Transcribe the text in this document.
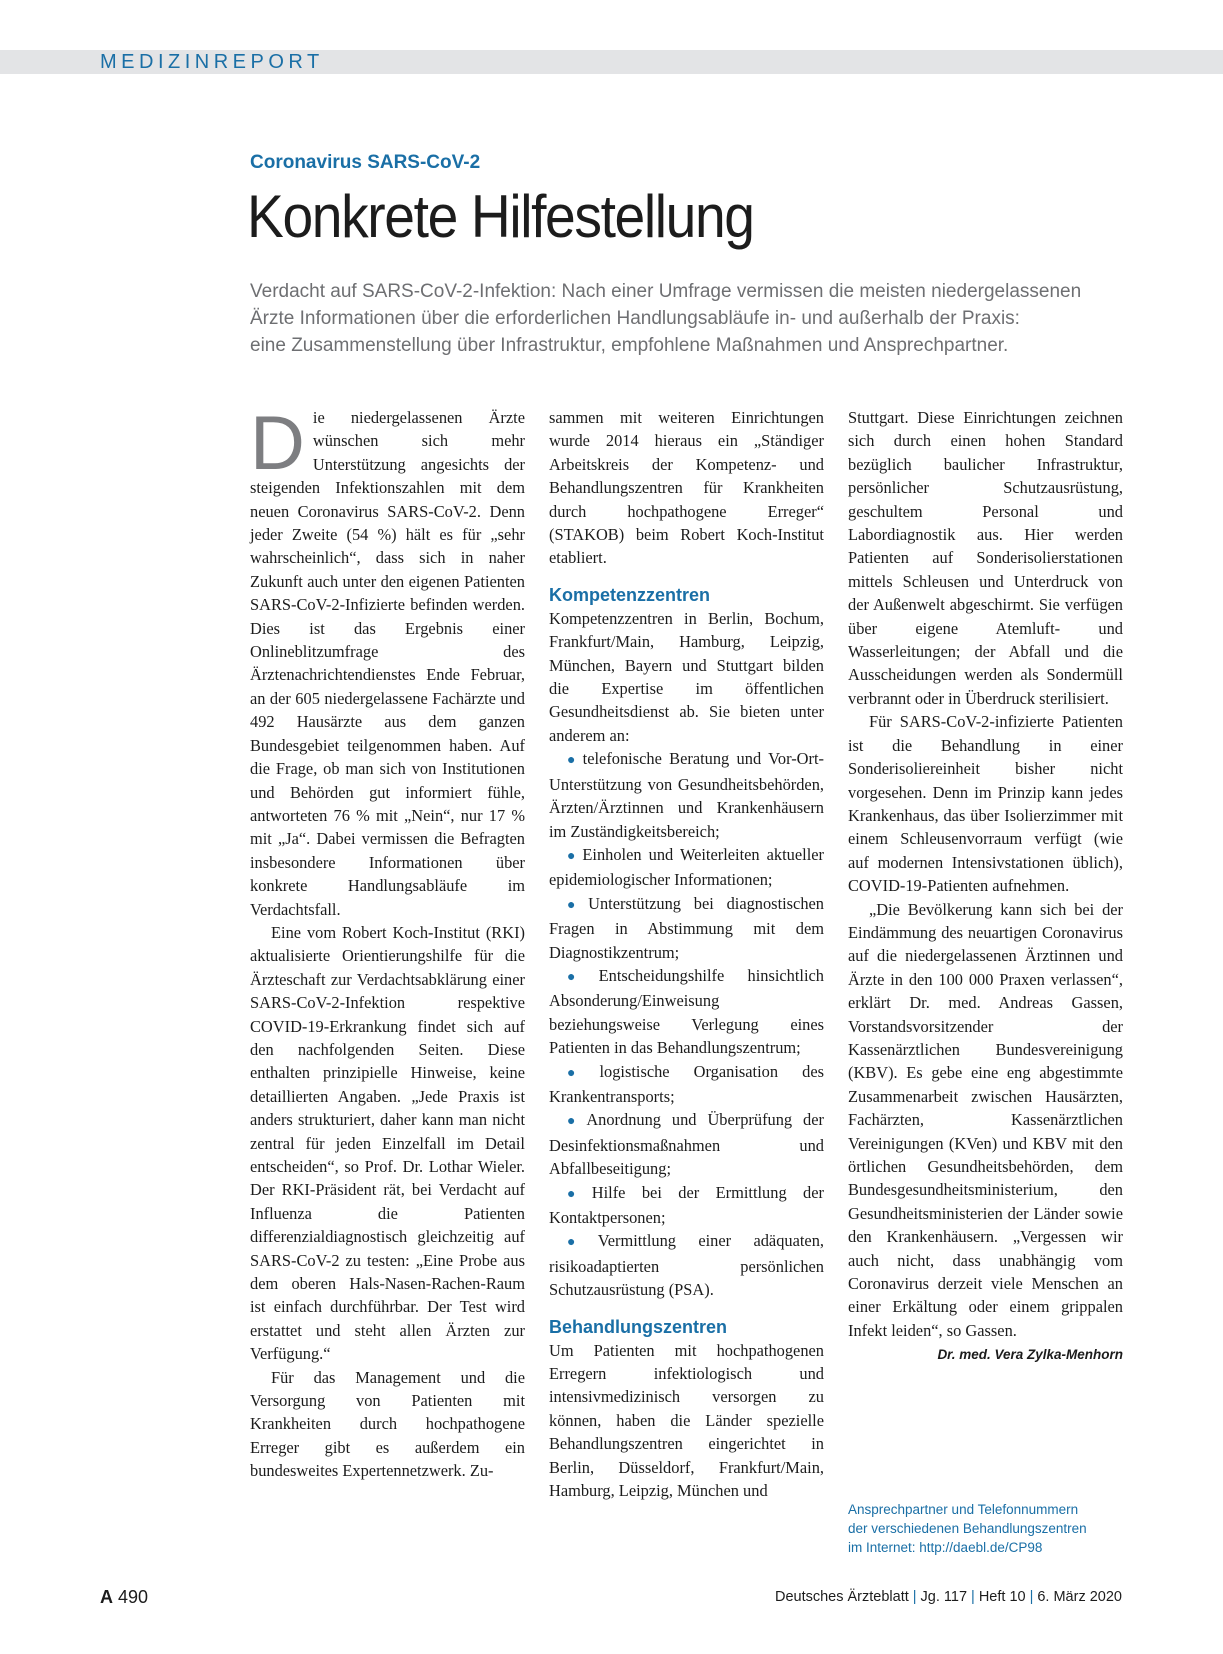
MEDIZINREPORT
Coronavirus SARS-CoV-2
Konkrete Hilfestellung
Verdacht auf SARS-CoV-2-Infektion: Nach einer Umfrage vermissen die meisten niedergelassenen
Ärzte Informationen über die erforderlichen Handlungsabläufe in- und außerhalb der Praxis:
eine Zusammenstellung über Infrastruktur, empfohlene Maßnahmen und Ansprechpartner.

Die niedergelassenen Ärzte wünschen sich mehr Unterstützung angesichts der steigenden Infektionszahlen mit dem neuen Coronavirus SARS-CoV-2. Denn jeder Zweite (54 %) hält es für „sehr wahrscheinlich“, dass sich in naher Zukunft auch unter den eigenen Patienten SARS-CoV-2-Infizierte befinden werden. Dies ist das Ergebnis einer Onlineblitzumfrage des Ärztenachrichtendienstes Ende Februar, an der 605 niedergelassene Fachärzte und 492 Hausärzte aus dem ganzen Bundesgebiet teilgenommen haben. Auf die Frage, ob man sich von Institutionen und Behörden gut informiert fühle, antworteten 76 % mit „Nein“, nur 17 % mit „Ja“. Dabei vermissen die Befragten insbesondere Informationen über konkrete Handlungsabläufe im Verdachtsfall.

Eine vom Robert Koch-Institut (RKI) aktualisierte Orientierungshilfe für die Ärzteschaft zur Verdachtsabklärung einer SARS-CoV-2-Infektion respektive COVID-19-Erkrankung findet sich auf den nachfolgenden Seiten. Diese enthalten prinzipielle Hinweise, keine detaillierten Angaben. „Jede Praxis ist anders strukturiert, daher kann man nicht zentral für jeden Einzelfall im Detail entscheiden“, so Prof. Dr. Lothar Wieler. Der RKI-Präsident rät, bei Verdacht auf Influenza die Patienten differenzialdiagnostisch gleichzeitig auf SARS-CoV-2 zu testen: „Eine Probe aus dem oberen Hals-Nasen-Rachen-Raum ist einfach durchführbar. Der Test wird erstattet und steht allen Ärzten zur Verfügung.“

Für das Management und die Versorgung von Patienten mit Krankheiten durch hochpathogene Erreger gibt es außerdem ein bundesweites Expertennetzwerk. Zu-

sammen mit weiteren Einrichtungen wurde 2014 hieraus ein „Ständiger Arbeitskreis der Kompetenz- und Behandlungszentren für Krankheiten durch hochpathogene Erreger“ (STAKOB) beim Robert Koch-Institut etabliert.

Kompetenzzentren

Kompetenzzentren in Berlin, Bochum, Frankfurt/Main, Hamburg, Leipzig, München, Bayern und Stuttgart bilden die Expertise im öffentlichen Gesundheitsdienst ab. Sie bieten unter anderem an:

● telefonische Beratung und Vor-Ort-Unterstützung von Gesundheitsbehörden, Ärzten/Ärztinnen und Krankenhäusern im Zuständigkeitsbereich;

● Einholen und Weiterleiten aktueller epidemiologischer Informationen;

● Unterstützung bei diagnostischen Fragen in Abstimmung mit dem Diagnostikzentrum;

● Entscheidungshilfe hinsichtlich Absonderung/Einweisung beziehungsweise Verlegung eines Patienten in das Behandlungszentrum;

● logistische Organisation des Krankentransports;

● Anordnung und Überprüfung der Desinfektionsmaßnahmen und Abfallbeseitigung;

● Hilfe bei der Ermittlung der Kontaktpersonen;

● Vermittlung einer adäquaten, risikoadaptierten persönlichen Schutzausrüstung (PSA).

Behandlungszentren

Um Patienten mit hochpathogenen Erregern infektiologisch und intensivmedizinisch versorgen zu können, haben die Länder spezielle Behandlungszentren eingerichtet in Berlin, Düsseldorf, Frankfurt/Main, Hamburg, Leipzig, München und

Stuttgart. Diese Einrichtungen zeichnen sich durch einen hohen Standard bezüglich baulicher Infrastruktur, persönlicher Schutzausrüstung, geschultem Personal und Labordiagnostik aus. Hier werden Patienten auf Sonderisolierstationen mittels Schleusen und Unterdruck von der Außenwelt abgeschirmt. Sie verfügen über eigene Atemluft- und Wasserleitungen; der Abfall und die Ausscheidungen werden als Sondermüll verbrannt oder in Überdruck sterilisiert.

Für SARS-CoV-2-infizierte Patienten ist die Behandlung in einer Sonderisoliereinheit bisher nicht vorgesehen. Denn im Prinzip kann jedes Krankenhaus, das über Isolierzimmer mit einem Schleusenvorraum verfügt (wie auf modernen Intensivstationen üblich), COVID-19-Patienten aufnehmen.

„Die Bevölkerung kann sich bei der Eindämmung des neuartigen Coronavirus auf die niedergelassenen Ärztinnen und Ärzte in den 100 000 Praxen verlassen“, erklärt Dr. med. Andreas Gassen, Vorstandsvorsitzender der Kassenärztlichen Bundesvereinigung (KBV). Es gebe eine eng abgestimmte Zusammenarbeit zwischen Hausärzten, Fachärzten, Kassenärztlichen Vereinigungen (KVen) und KBV mit den örtlichen Gesundheitsbehörden, dem Bundesgesundheitsministerium, den Gesundheitsministerien der Länder sowie den Krankenhäusern. „Vergessen wir auch nicht, dass unabhängig vom Coronavirus derzeit viele Menschen an einer Erkältung oder einem grippalen Infekt leiden“, so Gassen.
Dr. med. Vera Zylka-Menhorn

Ansprechpartner und Telefonnummern
der verschiedenen Behandlungszentren
im Internet: http://daebl.de/CP98
A 490	Deutsches Ärzteblatt | Jg. 117 | Heft 10 | 6. März 2020
